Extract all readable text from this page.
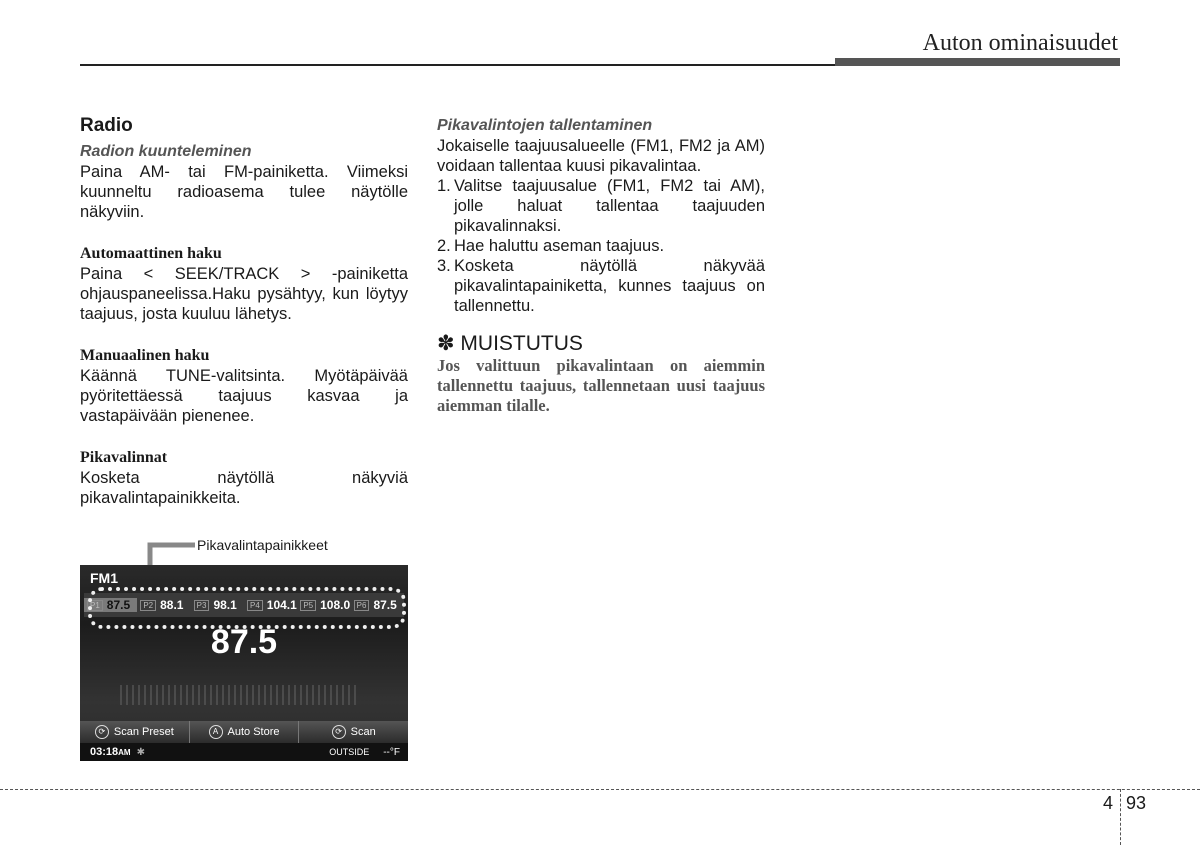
Auton ominaisuudet
Radio
Radion kuunteleminen

Paina AM- tai FM-painiketta. Viimeksi kuunneltu radioasema tulee näytölle näkyviin.

Automaattinen haku

Paina < SEEK/TRACK > -painiketta ohjauspaneelissa.Haku pysähtyy, kun löytyy taajuus, josta kuuluu lähetys.

Manuaalinen haku

Käännä TUNE-valitsinta. Myötäpäivää pyöritettäessä taajuus kasvaa ja vastapäivään pienenee.

Pikavalinnat

Kosketa näytöllä näkyviä pikavalintapainikkeita.

Pikavalintapainikkeet
FM1
P1 87.5	P2 88.1	P3 98.1	P4 104.1 P5 108.0 P6 87.5
87.5
⟳ Scan Preset	A Auto Store	⟳ Scan
03:18AM ✱	OUTSIDE --°F
Pikavalintojen tallentaminen

Jokaiselle taajuusalueelle (FM1, FM2 ja AM) voidaan tallentaa kuusi pikavalintaa.

1. Valitse taajuusalue (FM1, FM2 tai AM), jolle haluat tallentaa taajuuden pikavalinnaksi.
2. Hae haluttu aseman taajuus.
3. Kosketa näytöllä näkyvää pikavalintapainiketta, kunnes taajuus on tallennettu.
✽ MUISTUTUS
Jos valittuun pikavalintaan on aiemmin tallennettu taajuus, tallennetaan uusi taajuus aiemman tilalle.
4 93
